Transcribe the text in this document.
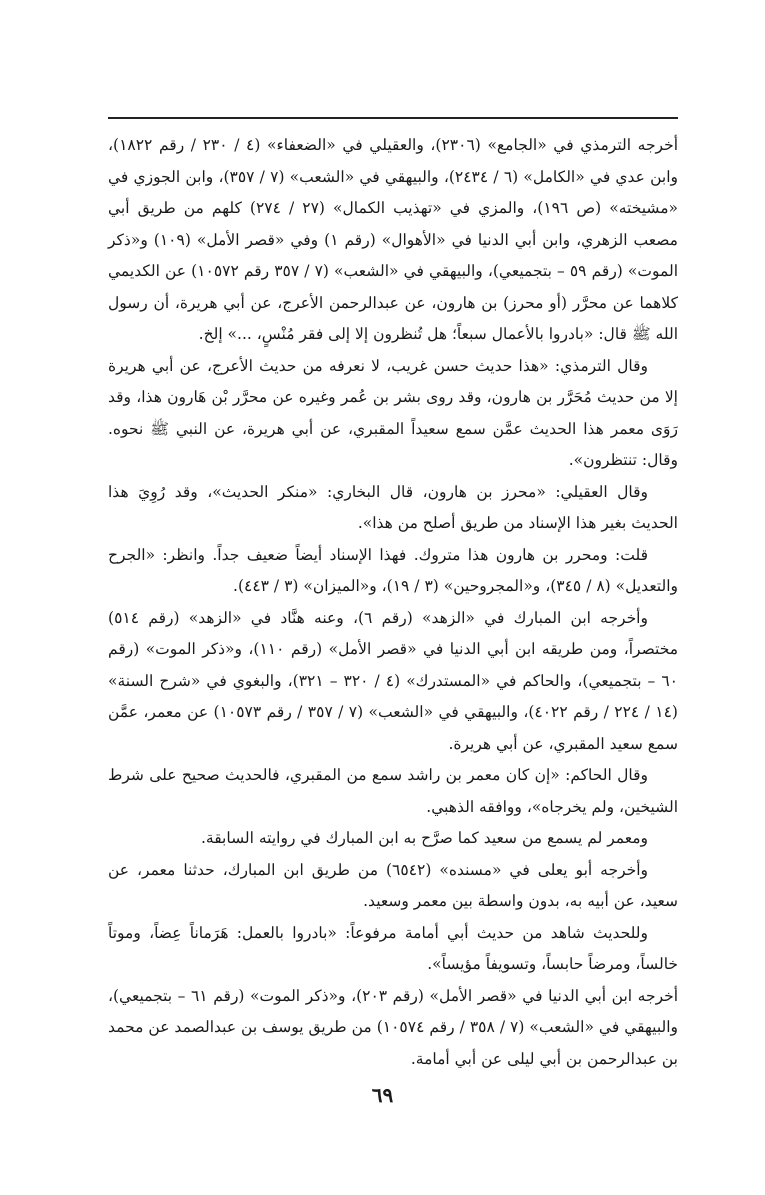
أخرجه الترمذي في «الجامع» (٢٣٠٦)، والعقيلي في «الضعفاء» (٤ / ٢٣٠ / رقم ١٨٢٢)، وابن عدي في «الكامل» (٦ / ٢٤٣٤)، والبيهقي في «الشعب» (٧ / ٣٥٧)، وابن الجوزي في «مشيخته» (ص ١٩٦)، والمزي في «تهذيب الكمال» (٢٧ / ٢٧٤) كلهم من طريق أبي مصعب الزهري، وابن أبي الدنيا في «الأهوال» (رقم ١) وفي «قصر الأمل» (١٠٩) و«ذكر الموت» (رقم ٥٩ – بتجميعي)، والبيهقي في «الشعب» (٧ / ٣٥٧ رقم ١٠٥٧٢) عن الكديمي كلاهما عن محرَّر (أو محرز) بن هارون، عن عبدالرحمن الأعرج، عن أبي هريرة، أن رسول الله ﷺ قال: «بادروا بالأعمال سبعاً؛ هل تُنظرون إلا إلى فقر مُنْسٍ، ...» إلخ.

وقال الترمذي: «هذا حديث حسن غريب، لا نعرفه من حديث الأعرج، عن أبي هريرة إلا من حديث مُحَرَّر بن هارون، وقد روى بشر بن عُمر وغيره عن محرَّر بْن هَارون هذا، وقد رَوَى معمر هذا الحديث عمَّن سمع سعيداً المقبري، عن أبي هريرة، عن النبي ﷺ نحوه. وقال: تنتظرون».

وقال العقيلي: «محرز بن هارون، قال البخاري: «منكر الحديث»، وقد رُوِيَ هذا الحديث بغير هذا الإسناد من طريق أصلح من هذا».

قلت: ومحرر بن هارون هذا متروك. فهذا الإسناد أيضاً ضعيف جداً. وانظر: «الجرح والتعديل» (٨ / ٣٤٥)، و«المجروحين» (٣ / ١٩)، و«الميزان» (٣ / ٤٤٣).

وأخرجه ابن المبارك في «الزهد» (رقم ٦)، وعنه هنَّاد في «الزهد» (رقم ٥١٤) مختصراً، ومن طريقه ابن أبي الدنيا في «قصر الأمل» (رقم ١١٠)، و«ذكر الموت» (رقم ٦٠ – بتجميعي)، والحاكم في «المستدرك» (٤ / ٣٢٠ – ٣٢١)، والبغوي في «شرح السنة» (١٤ / ٢٢٤ / رقم ٤٠٢٢)، والبيهقي في «الشعب» (٧ / ٣٥٧ / رقم ١٠٥٧٣) عن معمر، عمَّن سمع سعيد المقبري، عن أبي هريرة.

وقال الحاكم: «إن كان معمر بن راشد سمع من المقبري، فالحديث صحيح على شرط الشيخين، ولم يخرجاه»، ووافقه الذهبي.

ومعمر لم يسمع من سعيد كما صرَّح به ابن المبارك في روايته السابقة.

وأخرجه أبو يعلى في «مسنده» (٦٥٤٢) من طريق ابن المبارك، حدثنا معمر، عن سعيد، عن أبيه به، بدون واسطة بين معمر وسعيد.

وللحديث شاهد من حديث أبي أمامة مرفوعاً: «بادروا بالعمل: هَرَماناً عِضاً، وموتاً خالساً، ومرضاً حابساً، وتسويفاً مؤيساً».

أخرجه ابن أبي الدنيا في «قصر الأمل» (رقم ٢٠٣)، و«ذكر الموت» (رقم ٦١ – بتجميعي)، والبيهقي في «الشعب» (٧ / ٣٥٨ / رقم ١٠٥٧٤) من طريق يوسف بن عبدالصمد عن محمد بن عبدالرحمن بن أبي ليلى عن أبي أمامة.

٦٩
